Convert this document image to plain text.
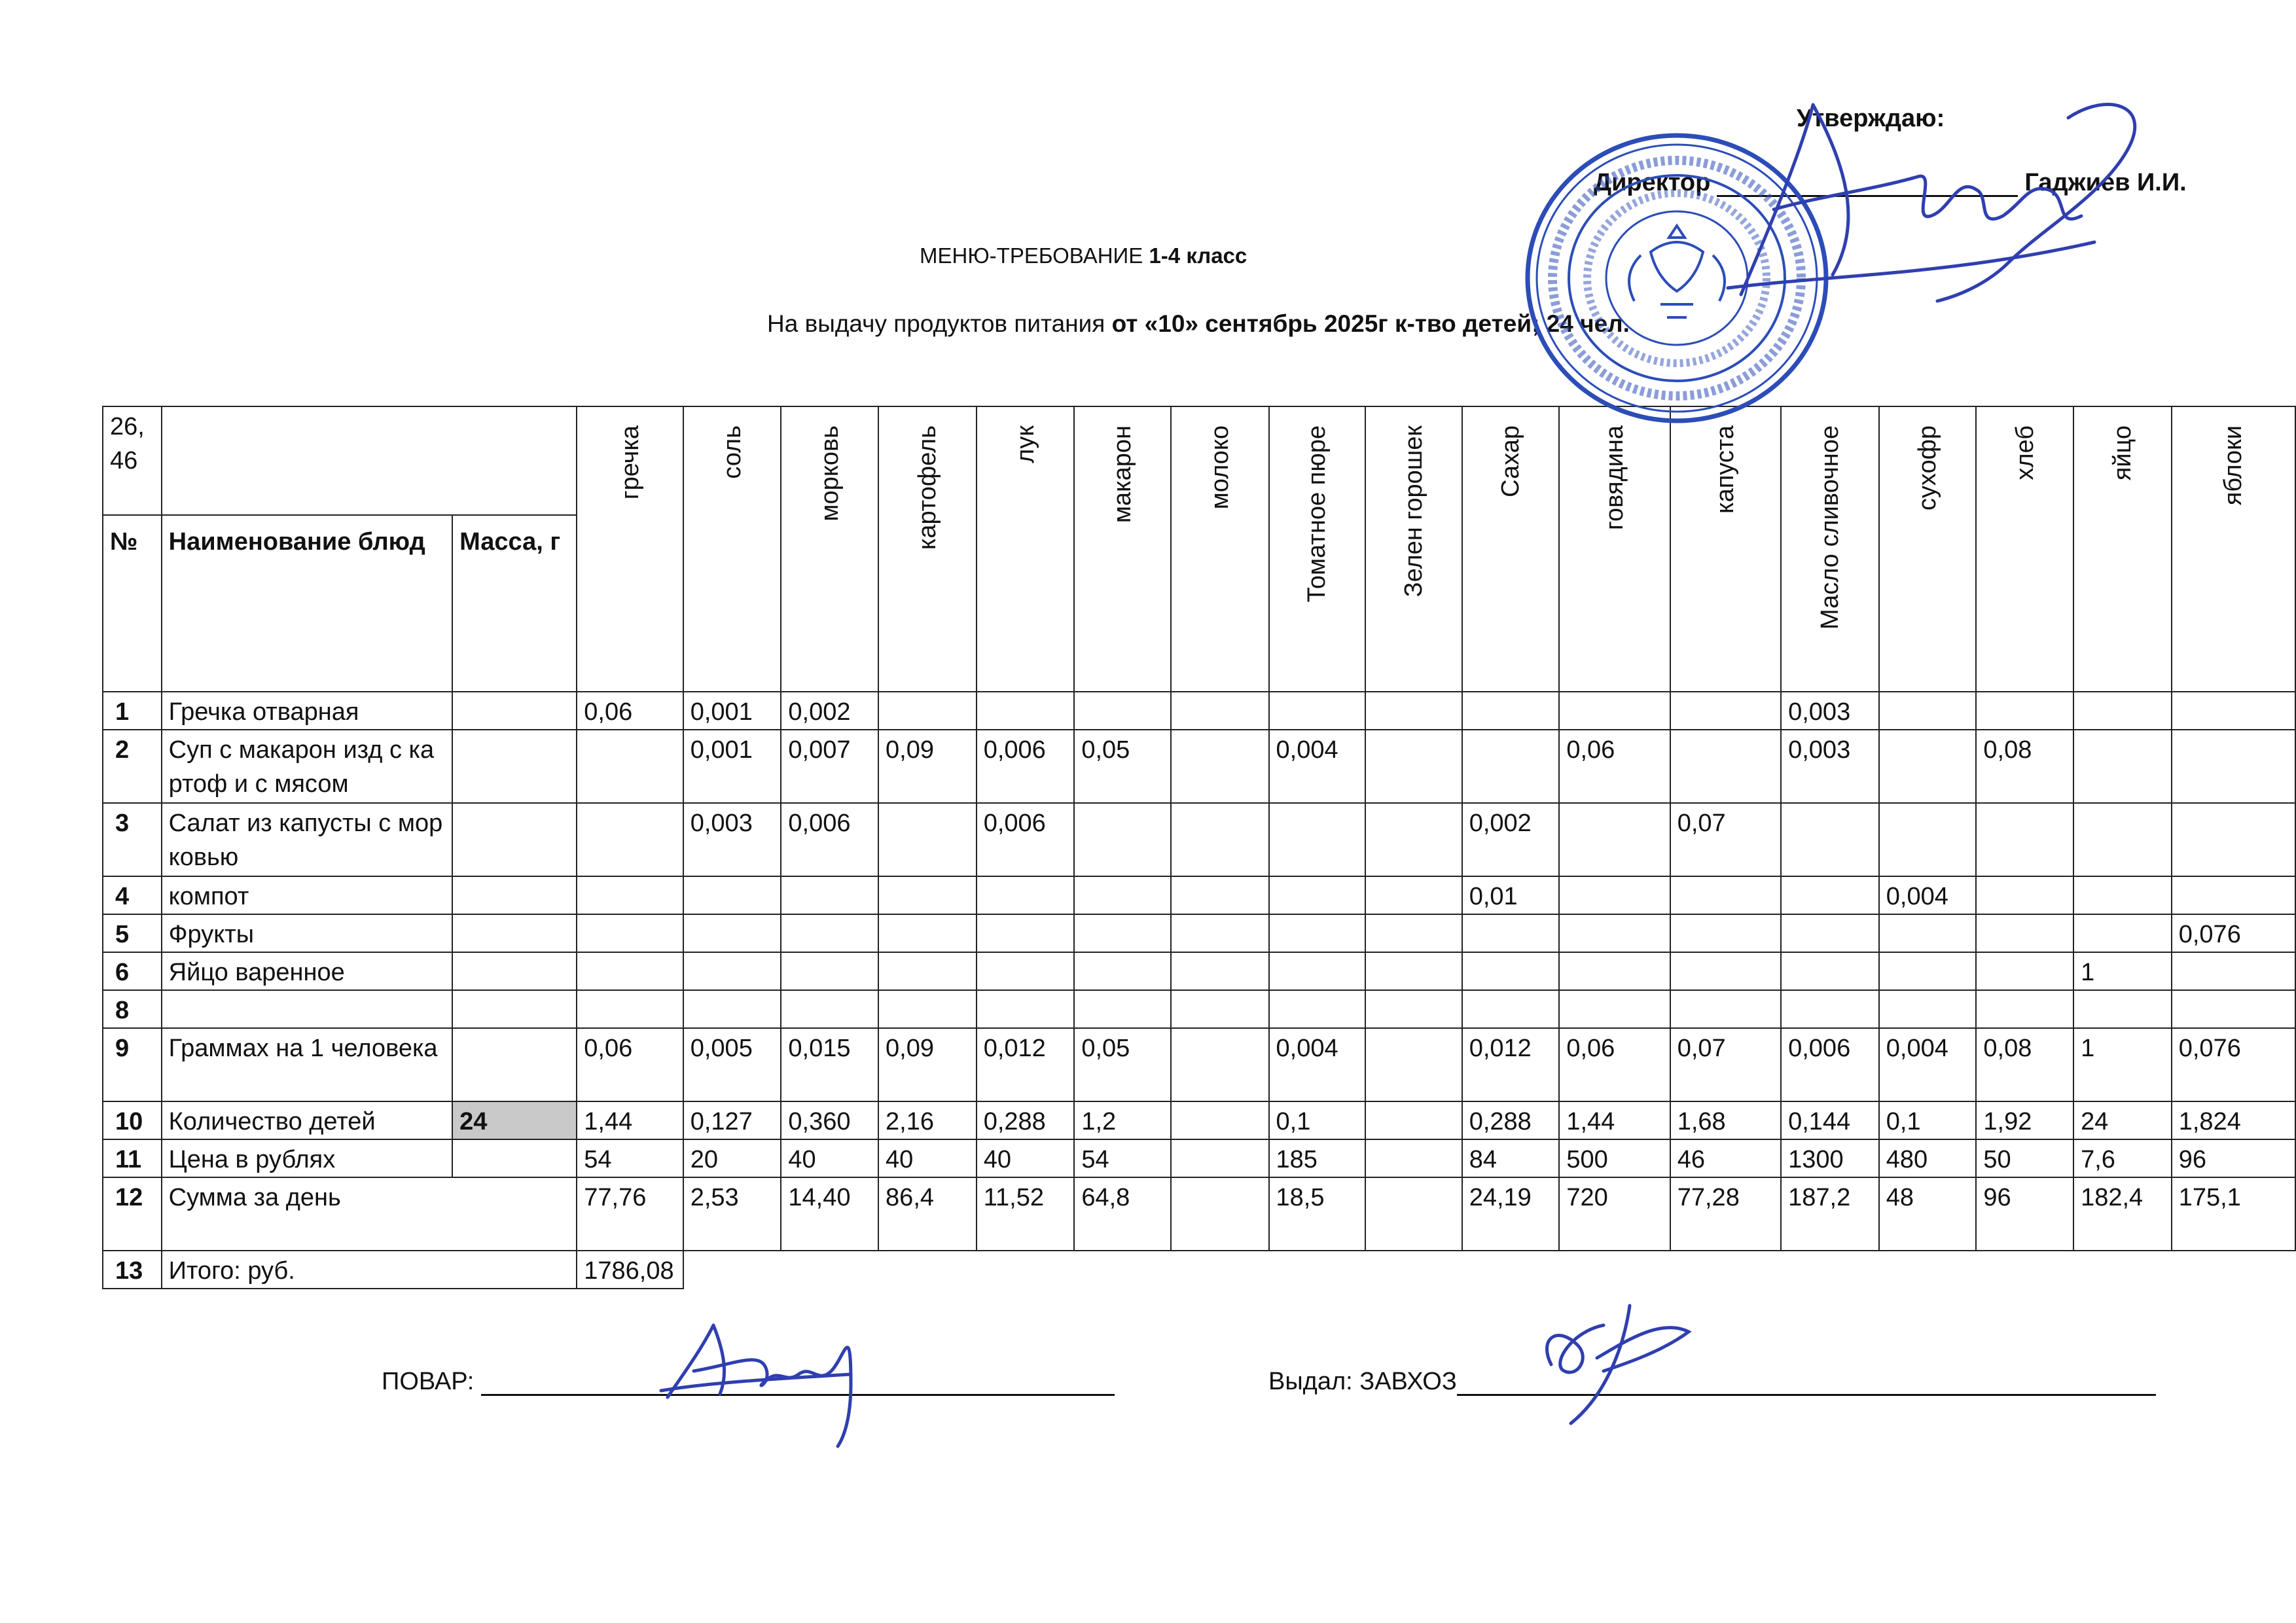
Утверждаю:
Директор	Гаджиев И.И.
МЕНЮ-ТРЕБОВАНИЕ 1-4 класс
На выдачу продуктов питания от «10» сентябрь 2025г к-тво детей; 24 чел.
26,46			гречка	соль	морковь	картофель	лук	макарон	молоко	Томатное пюре	Зелен горошек	Сахар	говядина	капуста	Масло сливочное	сухофр	хлеб	яйцо	яблоки
№	Наименование блюд	Масса, г																	
1	Гречка отварная		0,06	0,001	0,002										0,003				
2	Суп с макарон изд с картоф и с мясом			0,001	0,007	0,09	0,006	0,05		0,004			0,06		0,003		0,08		
3	Салат из капусты с морковью			0,003	0,006		0,006					0,002		0,07					
4	компот											0,01				0,004			
5	Фрукты																		0,076
6	Яйцо варенное																	1	
8																			
9	Граммах на 1 человека		0,06	0,005	0,015	0,09	0,012	0,05		0,004		0,012	0,06	0,07	0,006	0,004	0,08	1	0,076
10	Количество детей	24	1,44	0,127	0,360	2,16	0,288	1,2		0,1		0,288	1,44	1,68	0,144	0,1	1,92	24	1,824
11	Цена в рублях		54	20	40	40	40	54		185		84	500	46	1300	480	50	7,6	96
12	Сумма за день		77,76	2,53	14,40	86,4	11,52	64,8		18,5		24,19	720	77,28	187,2	48	96	182,4	175,1
13	Итого: руб.		1786,08																
ПОВАР:	Выдал: ЗАВХОЗ
